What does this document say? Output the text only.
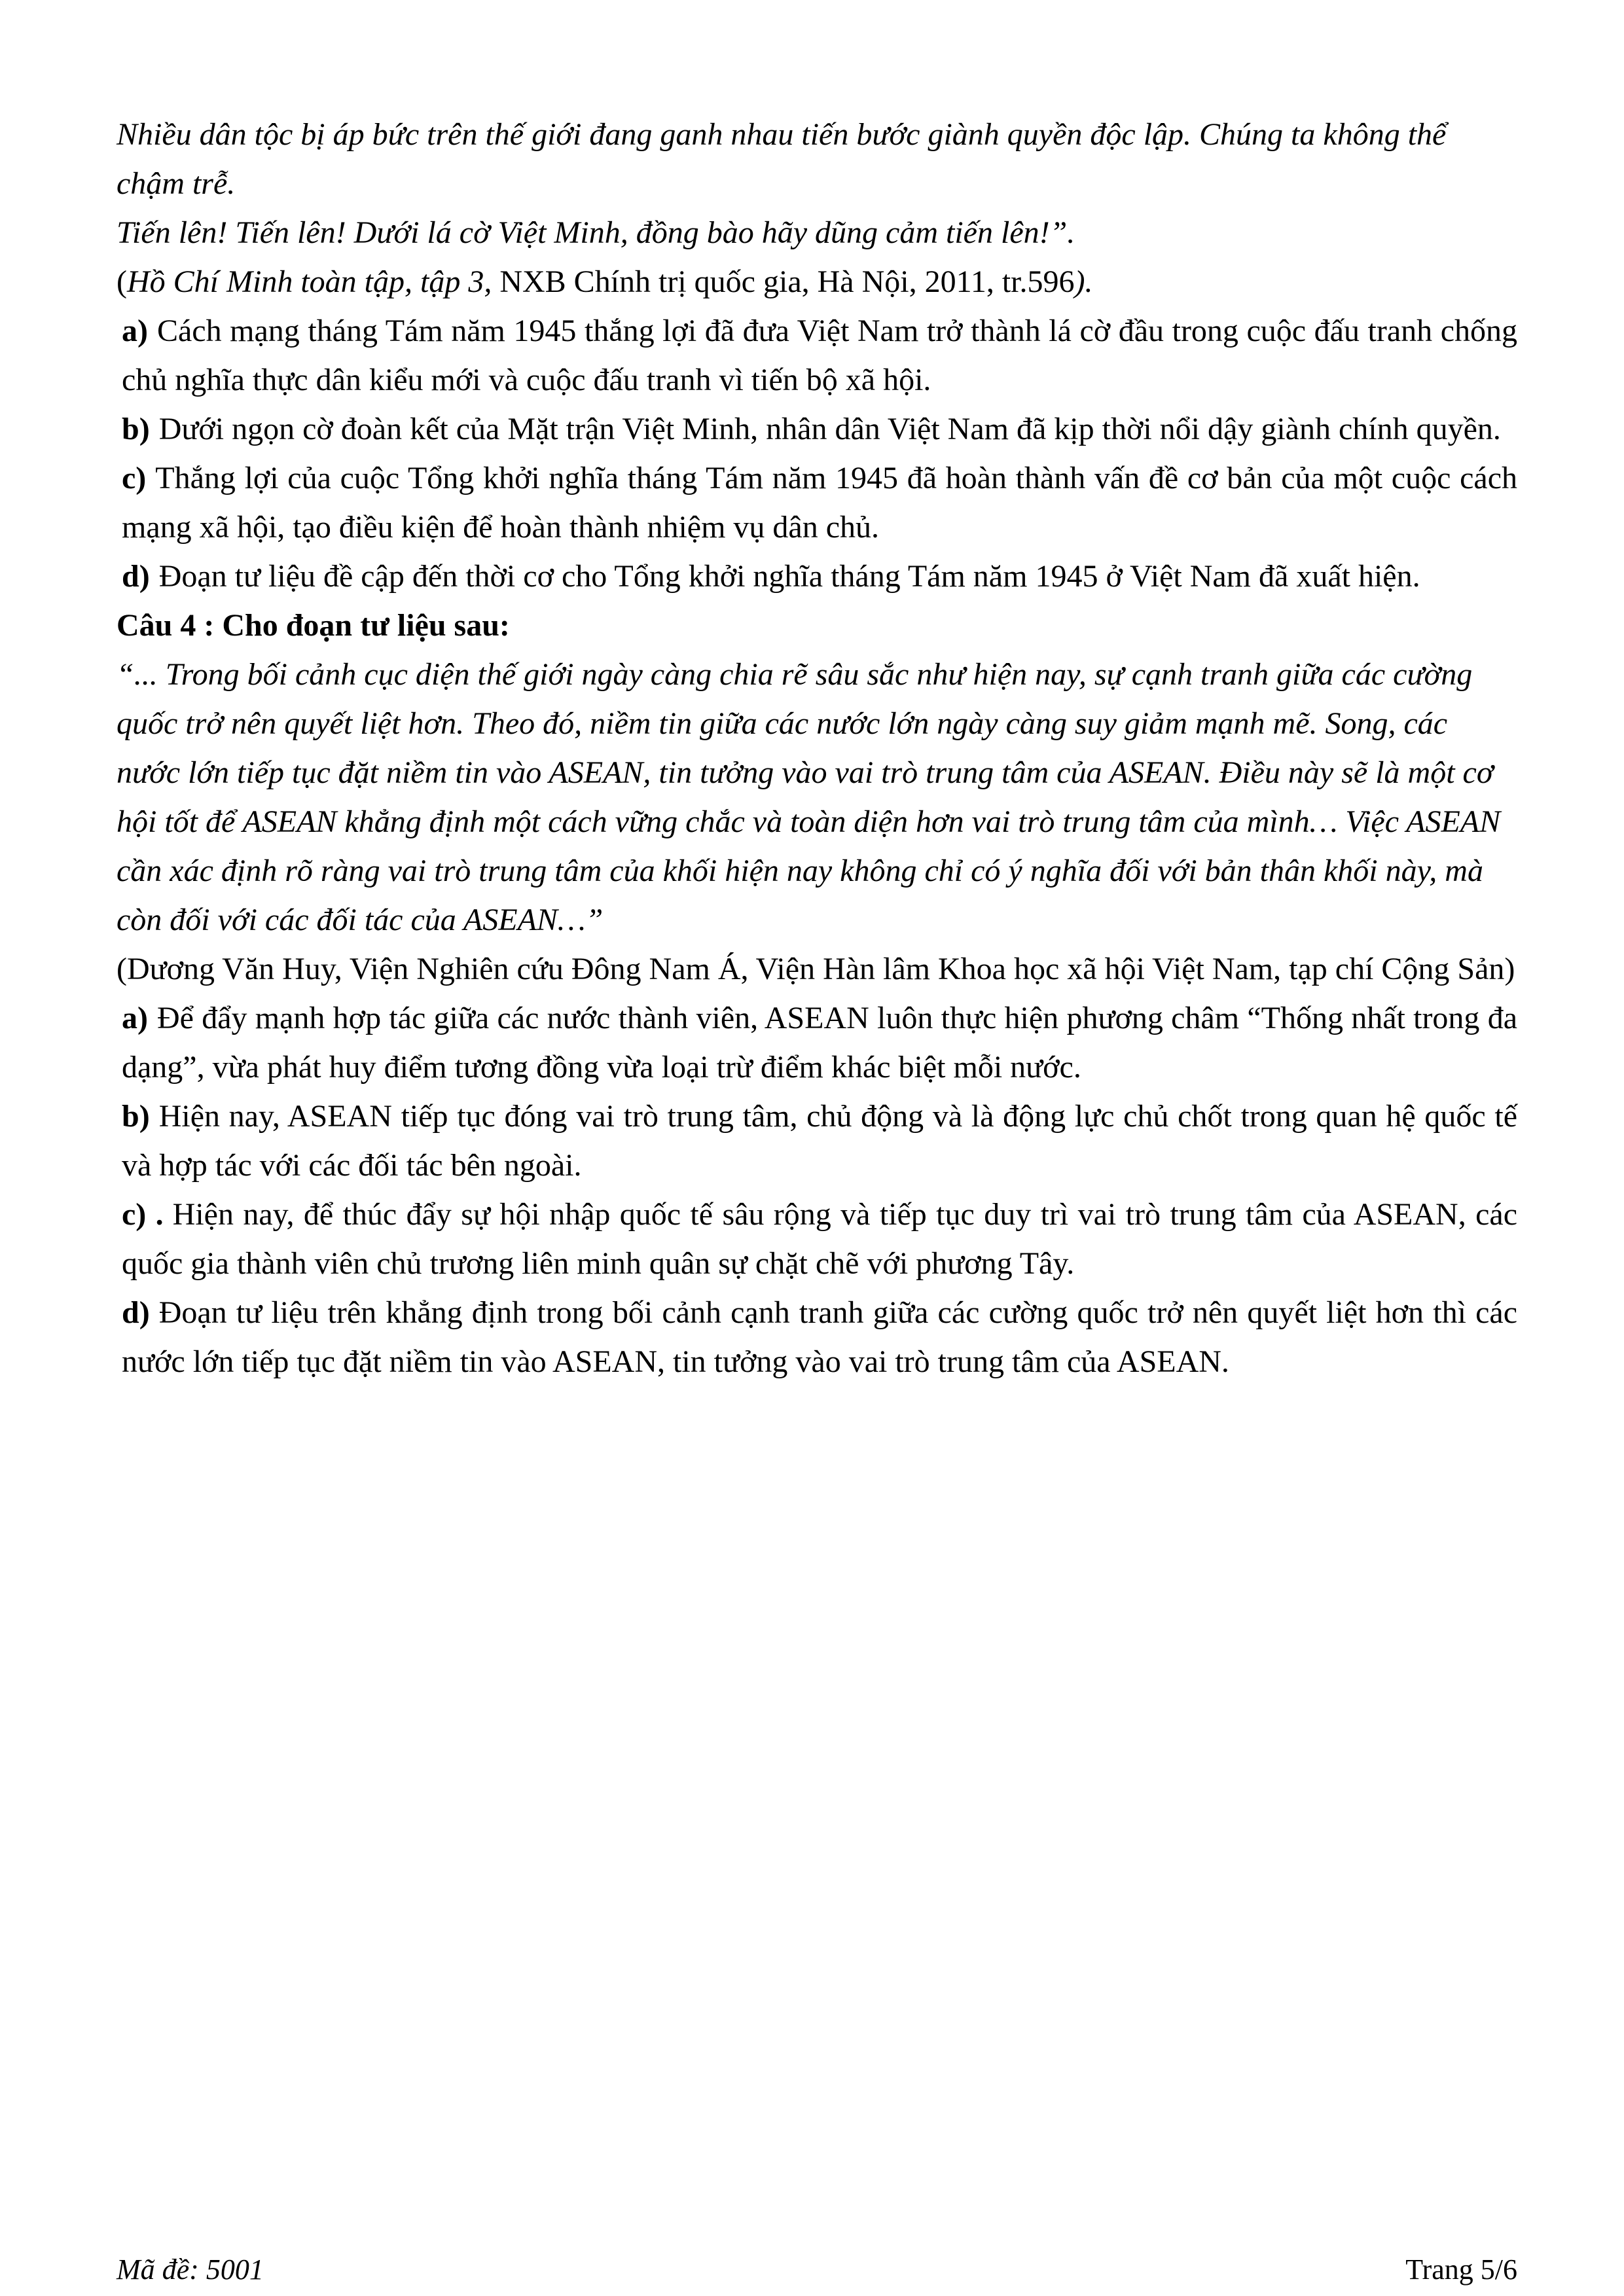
Nhiều dân tộc bị áp bức trên thế giới đang ganh nhau tiến bước giành quyền độc lập. Chúng ta không thể chậm trễ.

Tiến lên! Tiến lên! Dưới lá cờ Việt Minh, đồng bào hãy dũng cảm tiến lên!”.

(Hồ Chí Minh toàn tập, tập 3, NXB Chính trị quốc gia, Hà Nội, 2011, tr.596).

a) Cách mạng tháng Tám năm 1945 thắng lợi đã đưa Việt Nam trở thành lá cờ đầu trong cuộc đấu tranh chống chủ nghĩa thực dân kiểu mới và cuộc đấu tranh vì tiến bộ xã hội.

b) Dưới ngọn cờ đoàn kết của Mặt trận Việt Minh, nhân dân Việt Nam đã kịp thời nổi dậy giành chính quyền.

c) Thắng lợi của cuộc Tổng khởi nghĩa tháng Tám năm 1945 đã hoàn thành vấn đề cơ bản của một cuộc cách mạng xã hội, tạo điều kiện để hoàn thành nhiệm vụ dân chủ.

d) Đoạn tư liệu đề cập đến thời cơ cho Tổng khởi nghĩa tháng Tám năm 1945 ở Việt Nam đã xuất hiện.

Câu 4 : Cho đoạn tư liệu sau:

“... Trong bối cảnh cục diện thế giới ngày càng chia rẽ sâu sắc như hiện nay, sự cạnh tranh giữa các cường quốc trở nên quyết liệt hơn. Theo đó, niềm tin giữa các nước lớn ngày càng suy giảm mạnh mẽ. Song, các nước lớn tiếp tục đặt niềm tin vào ASEAN, tin tưởng vào vai trò trung tâm của ASEAN. Điều này sẽ là một cơ hội tốt để ASEAN khẳng định một cách vững chắc và toàn diện hơn vai trò trung tâm của mình… Việc ASEAN cần xác định rõ ràng vai trò trung tâm của khối hiện nay không chỉ có ý nghĩa đối với bản thân khối này, mà còn đối với các đối tác của ASEAN…”

(Dương Văn Huy, Viện Nghiên cứu Đông Nam Á, Viện Hàn lâm Khoa học xã hội Việt Nam, tạp chí Cộng Sản)

a) Để đẩy mạnh hợp tác giữa các nước thành viên, ASEAN luôn thực hiện phương châm “Thống nhất trong đa dạng”, vừa phát huy điểm tương đồng vừa loại trừ điểm khác biệt mỗi nước.

b) Hiện nay, ASEAN tiếp tục đóng vai trò trung tâm, chủ động và là động lực chủ chốt trong quan hệ quốc tế và hợp tác với các đối tác bên ngoài.

c) . Hiện nay, để thúc đẩy sự hội nhập quốc tế sâu rộng và tiếp tục duy trì vai trò trung tâm của ASEAN, các quốc gia thành viên chủ trương liên minh quân sự chặt chẽ với phương Tây.

d) Đoạn tư liệu trên khẳng định trong bối cảnh cạnh tranh giữa các cường quốc trở nên quyết liệt hơn thì các nước lớn tiếp tục đặt niềm tin vào ASEAN, tin tưởng vào vai trò trung tâm của ASEAN.

Mã đề: 5001	Trang 5/6
